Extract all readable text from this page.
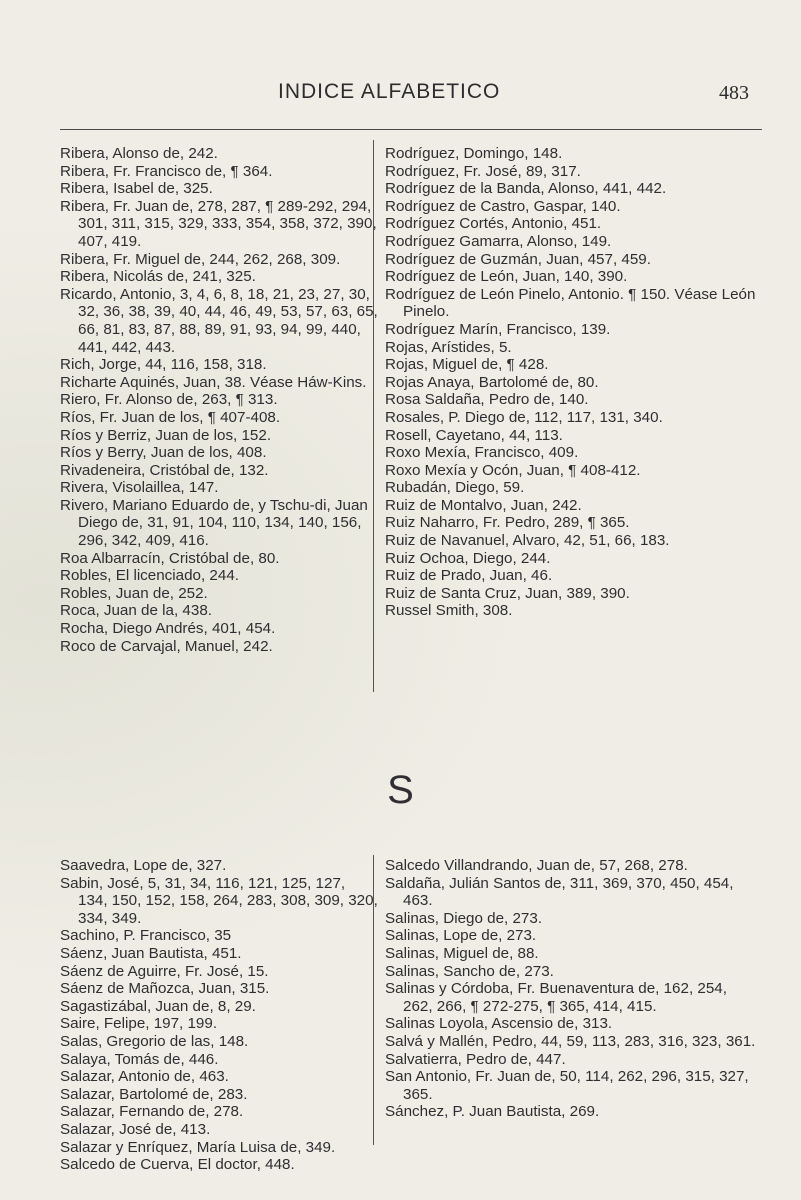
INDICE ALFABETICO	483

Ribera, Alonso de, 242.

Ribera, Fr. Francisco de, ¶ 364.

Ribera, Isabel de, 325.

Ribera, Fr. Juan de, 278, 287, ¶ 289-292, 294, 301, 311, 315, 329, 333, 354, 358, 372, 390, 407, 419.

Ribera, Fr. Miguel de, 244, 262, 268, 309.

Ribera, Nicolás de, 241, 325.

Ricardo, Antonio, 3, 4, 6, 8, 18, 21, 23, 27, 30, 32, 36, 38, 39, 40, 44, 46, 49, 53, 57, 63, 65, 66, 81, 83, 87, 88, 89, 91, 93, 94, 99, 440, 441, 442, 443.

Rich, Jorge, 44, 116, 158, 318.

Richarte Aquinés, Juan, 38. Véase Háw-Kins.

Riero, Fr. Alonso de, 263, ¶ 313.

Ríos, Fr. Juan de los, ¶ 407-408.

Ríos y Berriz, Juan de los, 152.

Ríos y Berry, Juan de los, 408.

Rivadeneira, Cristóbal de, 132.

Rivera, Visolaillea, 147.

Rivero, Mariano Eduardo de, y Tschu-di, Juan Diego de, 31, 91, 104, 110, 134, 140, 156, 296, 342, 409, 416.

Roa Albarracín, Cristóbal de, 80.

Robles, El licenciado, 244.

Robles, Juan de, 252.

Roca, Juan de la, 438.

Rocha, Diego Andrés, 401, 454.

Roco de Carvajal, Manuel, 242.

Rodríguez, Domingo, 148.

Rodríguez, Fr. José, 89, 317.

Rodríguez de la Banda, Alonso, 441, 442.

Rodríguez de Castro, Gaspar, 140.

Rodríguez Cortés, Antonio, 451.

Rodríguez Gamarra, Alonso, 149.

Rodríguez de Guzmán, Juan, 457, 459.

Rodríguez de León, Juan, 140, 390.

Rodríguez de León Pinelo, Antonio. ¶ 150. Véase León Pinelo.

Rodríguez Marín, Francisco, 139.

Rojas, Arístides, 5.

Rojas, Miguel de, ¶ 428.

Rojas Anaya, Bartolomé de, 80.

Rosa Saldaña, Pedro de, 140.

Rosales, P. Diego de, 112, 117, 131, 340.

Rosell, Cayetano, 44, 113.

Roxo Mexía, Francisco, 409.

Roxo Mexía y Ocón, Juan, ¶ 408-412.

Rubadán, Diego, 59.

Ruiz de Montalvo, Juan, 242.

Ruiz Naharro, Fr. Pedro, 289, ¶ 365.

Ruiz de Navanuel, Alvaro, 42, 51, 66, 183.

Ruiz Ochoa, Diego, 244.

Ruiz de Prado, Juan, 46.

Ruiz de Santa Cruz, Juan, 389, 390.

Russel Smith, 308.

S

Saavedra, Lope de, 327.

Sabin, José, 5, 31, 34, 116, 121, 125, 127, 134, 150, 152, 158, 264, 283, 308, 309, 320, 334, 349.

Sachino, P. Francisco, 35

Sáenz, Juan Bautista, 451.

Sáenz de Aguirre, Fr. José, 15.

Sáenz de Mañozca, Juan, 315.

Sagastizábal, Juan de, 8, 29.

Saire, Felipe, 197, 199.

Salas, Gregorio de las, 148.

Salaya, Tomás de, 446.

Salazar, Antonio de, 463.

Salazar, Bartolomé de, 283.

Salazar, Fernando de, 278.

Salazar, José de, 413.

Salazar y Enríquez, María Luisa de, 349.

Salcedo de Cuerva, El doctor, 448.

Salcedo Villandrando, Juan de, 57, 268, 278.

Saldaña, Julián Santos de, 311, 369, 370, 450, 454, 463.

Salinas, Diego de, 273.

Salinas, Lope de, 273.

Salinas, Miguel de, 88.

Salinas, Sancho de, 273.

Salinas y Córdoba, Fr. Buenaventura de, 162, 254, 262, 266, ¶ 272-275, ¶ 365, 414, 415.

Salinas Loyola, Ascensio de, 313.

Salvá y Mallén, Pedro, 44, 59, 113, 283, 316, 323, 361.

Salvatierra, Pedro de, 447.

San Antonio, Fr. Juan de, 50, 114, 262, 296, 315, 327, 365.

Sánchez, P. Juan Bautista, 269.
